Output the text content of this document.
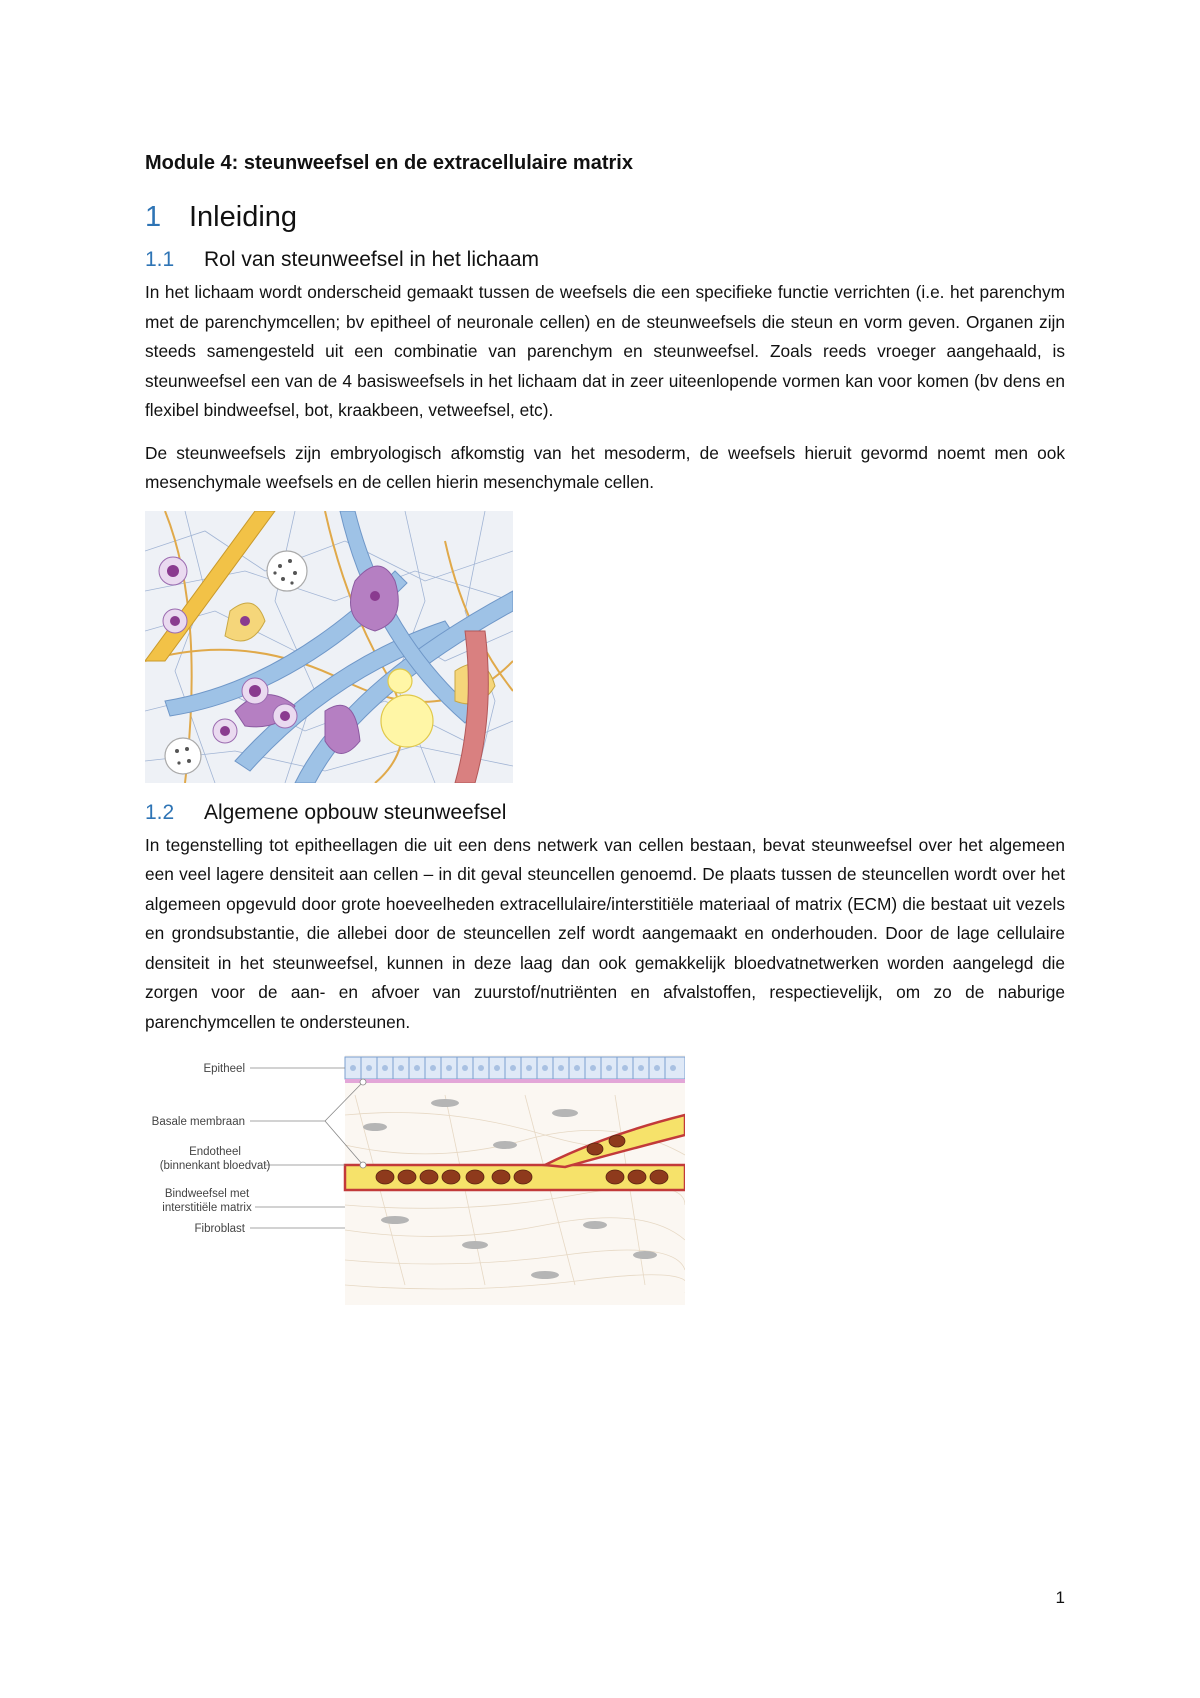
Module 4: steunweefsel en de extracellulaire matrix
1 Inleiding
1.1	Rol van steunweefsel in het lichaam

In het lichaam wordt onderscheid gemaakt tussen de weefsels die een specifieke functie verrichten (i.e. het parenchym met de parenchymcellen; bv epitheel of neuronale cellen) en de steunweefsels die steun en vorm geven. Organen zijn steeds samengesteld uit een combinatie van parenchym en steunweefsel. Zoals reeds vroeger aangehaald, is steunweefsel een van de 4 basisweefsels in het lichaam dat in zeer uiteenlopende vormen kan voor komen (bv dens en flexibel bindweefsel, bot, kraakbeen, vetweefsel, etc).

De steunweefsels zijn embryologisch afkomstig van het mesoderm, de weefsels hieruit gevormd noemt men ook mesenchymale weefsels en de cellen hierin mesenchymale cellen.

1.2	Algemene opbouw steunweefsel

In tegenstelling tot epitheellagen die uit een dens netwerk van cellen bestaan, bevat steunweefsel over het algemeen een veel lagere densiteit aan cellen – in dit geval steuncellen genoemd. De plaats tussen de steuncellen wordt over het algemeen opgevuld door grote hoeveelheden extracellulaire/interstitiële materiaal of matrix (ECM) die bestaat uit vezels en grondsubstantie, die allebei door de steuncellen zelf wordt aangemaakt en onderhouden. Door de lage cellulaire densiteit in het steunweefsel, kunnen in deze laag dan ook gemakkelijk bloedvatnetwerken worden aangelegd die zorgen voor de aan- en afvoer van zuurstof/nutriënten en afvalstoffen, respectievelijk, om zo de naburige parenchymcellen te ondersteunen.

Epitheel
Basale membraan
Endotheel
(binnenkant bloedvat)
Bindweefsel met
interstitiële matrix
Fibroblast
1
